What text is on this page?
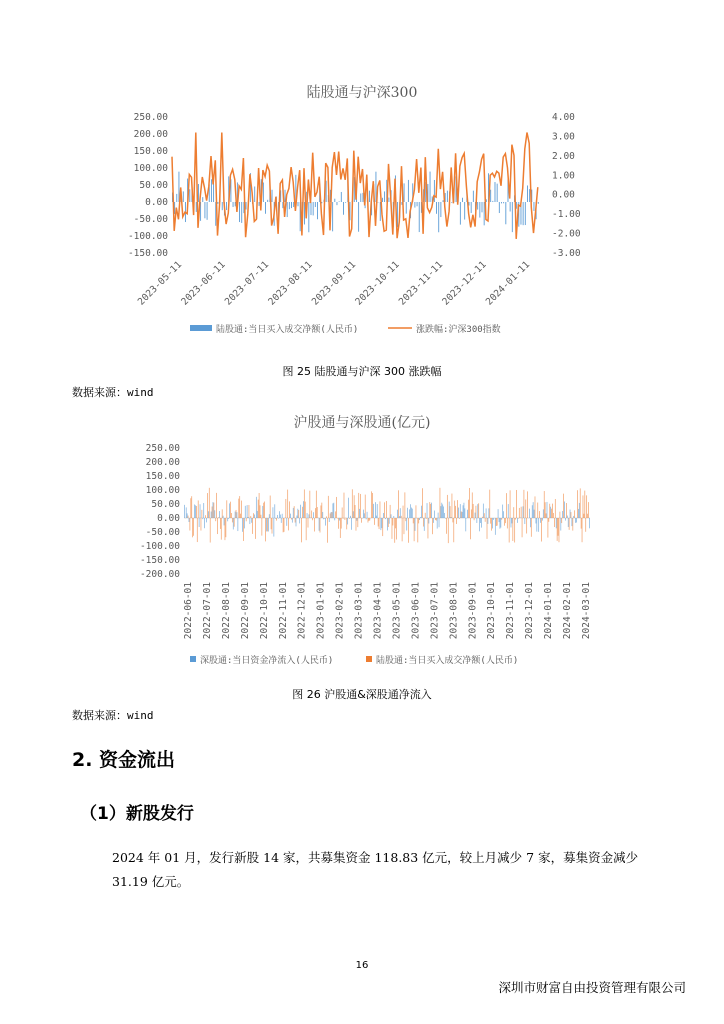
陆股通与沪深300
250.00
200.00
150.00
100.00
50.00
0.00
-50.00
-100.00
-150.00
4.00
3.00
2.00
1.00
0.00
-1.00
-2.00
-3.00
2023-05-11
2023-06-11
2023-07-11
2023-08-11
2023-09-11
2023-10-11
2023-11-11
2023-12-11
2024-01-11
陆股通:当日买入成交净额(人民币)	涨跌幅:沪深300指数
图 25 陆股通与沪深 300 涨跌幅
数据来源：wind
沪股通与深股通(亿元)
250.00
200.00
150.00
100.00
50.00
0.00
-50.00
-100.00
-150.00
-200.00
2022-06-01 2022-07-01 2022-08-01 2022-09-01 2022-10-01 2022-11-01 2022-12-01 2023-01-01 2023-02-01 2023-03-01 2023-04-01 2023-05-01 2023-06-01 2023-07-01 2023-08-01 2023-09-01 2023-10-01 2023-11-01 2023-12-01 2024-01-01 2024-02-01 2024-03-01
深股通:当日资金净流入(人民币)	陆股通:当日买入成交净额(人民币)
图 26 沪股通&深股通净流入
数据来源：wind
2. 资金流出
（1）新股发行
2024 年 01 月，发行新股 14 家，共募集资金 118.83 亿元，较上月减少 7 家，募集资金减少 31.19 亿元。
16
深圳市财富自由投资管理有限公司
